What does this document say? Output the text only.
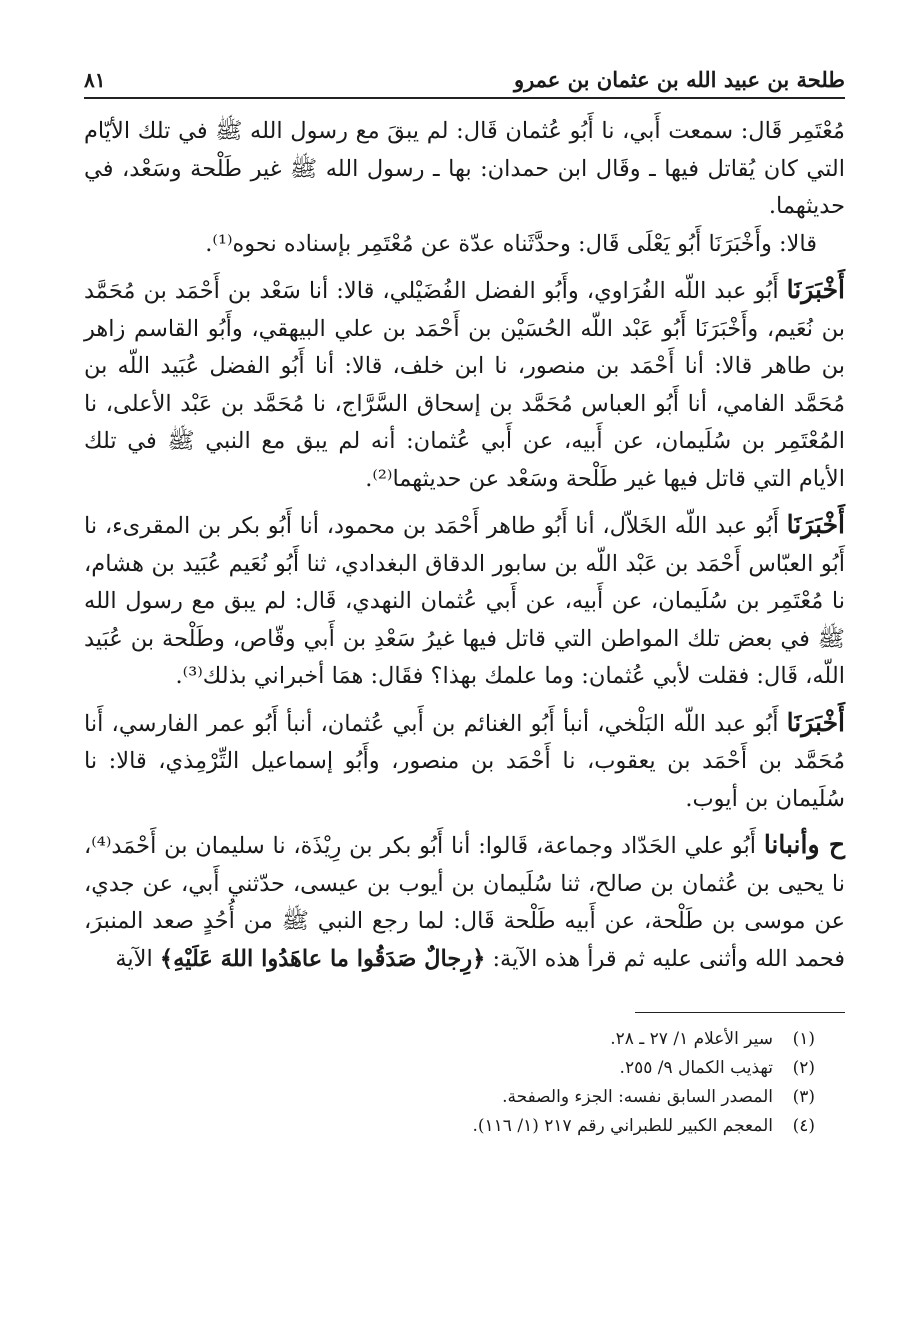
طلحة بن عبيد الله بن عثمان بن عمرو
٨١

مُعْتَمِر قَال: سمعت أَبي، نا أَبُو عُثمان قَال: لم يبقَ مع رسول الله ﷺ في تلك الأيّام التي كان يُقاتل فيها ـ وقَال ابن حمدان: بها ـ رسول الله ﷺ غير طَلْحة وسَعْد، في حديثهما.

قالا: وأَخْبَرَنَا أَبُو يَعْلَى قَال: وحدَّثَناه عدّة عن مُعْتَمِر بإسناده نحوه⁽¹⁾.

أَخْبَرَنَا أَبُو عبد اللّه الفُرَاوي، وأَبُو الفضل الفُضَيْلي، قالا: أنا سَعْد بن أَحْمَد بن مُحَمَّد بن نُعَيم، وأَخْبَرَنَا أَبُو عَبْد اللّه الحُسَيْن بن أَحْمَد بن علي البيهقي، وأَبُو القاسم زاهر بن طاهر قالا: أنا أَحْمَد بن منصور، نا ابن خلف، قالا: أنا أَبُو الفضل عُبَيد اللّه بن مُحَمَّد الفامي، أنا أَبُو العباس مُحَمَّد بن إسحاق السَّرَّاج، نا مُحَمَّد بن عَبْد الأعلى، نا المُعْتَمِر بن سُلَيمان، عن أَبيه، عن أَبي عُثمان: أنه لم يبق مع النبي ﷺ في تلك الأيام التي قاتل فيها غير طَلْحة وسَعْد عن حديثهما⁽²⁾.

أَخْبَرَنَا أَبُو عبد اللّه الخَلاّل، أنا أَبُو طاهر أَحْمَد بن محمود، أنا أَبُو بكر بن المقرىء، نا أَبُو العبّاس أَحْمَد بن عَبْد اللّه بن سابور الدقاق البغدادي، ثنا أَبُو نُعَيم عُبَيد بن هشام، نا مُعْتَمِر بن سُلَيمان، عن أَبيه، عن أَبي عُثمان النهدي، قَال: لم يبق مع رسول الله ﷺ في بعض تلك المواطن التي قاتل فيها غيرُ سَعْدِ بن أَبي وقّاص، وطَلْحة بن عُبَيد اللّه، قَال: فقلت لأبي عُثمان: وما علمك بهذا؟ فقَال: همَا أخبراني بذلك⁽³⁾.

أَخْبَرَنَا أَبُو عبد اللّه البَلْخي، أنبأ أَبُو الغنائم بن أَبي عُثمان، أنبأ أَبُو عمر الفارسي، أَنا مُحَمَّد بن أَحْمَد بن يعقوب، نا أَحْمَد بن منصور، وأَبُو إسماعيل التِّرْمِذي، قالا: نا سُلَيمان بن أيوب.

ح وأنبانا أَبُو علي الحَدّاد وجماعة، قَالوا: أنا أَبُو بكر بن رِيْذَة، نا سليمان بن أَحْمَد⁽⁴⁾، نا يحيى بن عُثمان بن صالح، ثنا سُلَيمان بن أيوب بن عيسى، حدّثني أَبي، عن جدي، عن موسى بن طَلْحة، عن أَبيه طَلْحة قَال: لما رجع النبي ﷺ من أُحُدٍ صعد المنبرَ، فحمد الله وأثنى عليه ثم قرأ هذه الآية: ﴿رِجالٌ صَدَقُوا ما عاهَدُوا اللهَ عَلَيْهِ﴾ الآية

(١)
سير الأعلام ١/ ٢٧ ـ ٢٨.
(٢)
تهذيب الكمال ٩/ ٢٥٥.
(٣)
المصدر السابق نفسه: الجزء والصفحة.
(٤)
المعجم الكبير للطبراني رقم ٢١٧ (١/ ١١٦).
